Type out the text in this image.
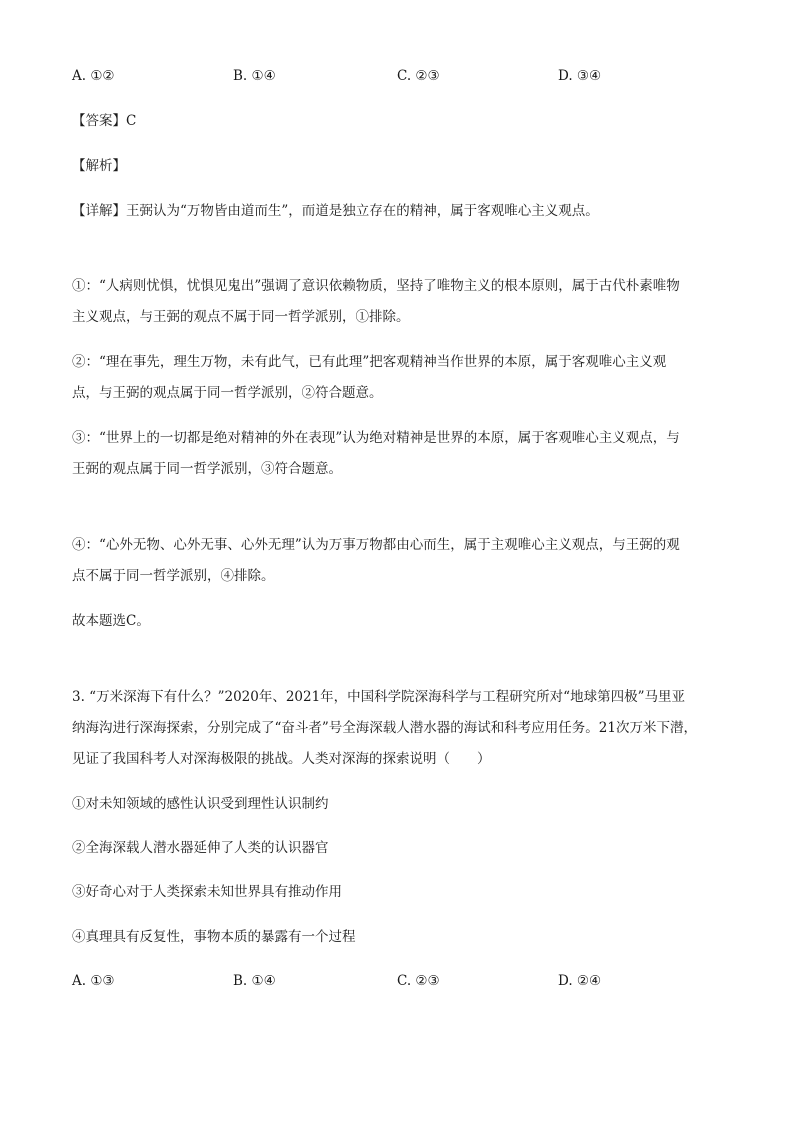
A. ①②	B. ①④	C. ②③	D. ③④
【答案】C
【解析】
【详解】王弼认为“万物皆由道而生”，而道是独立存在的精神，属于客观唯心主义观点。
①：“人病则忧惧，忧惧见鬼出”强调了意识依赖物质，坚持了唯物主义的根本原则，属于古代朴素唯物
主义观点，与王弼的观点不属于同一哲学派别，①排除。
②：“理在事先，理生万物，未有此气，已有此理”把客观精神当作世界的本原，属于客观唯心主义观
点，与王弼的观点属于同一哲学派别，②符合题意。
③：“世界上的一切都是绝对精神的外在表现”认为绝对精神是世界的本原，属于客观唯心主义观点，与
王弼的观点属于同一哲学派别，③符合题意。
④：“心外无物、心外无事、心外无理”认为万事万物都由心而生，属于主观唯心主义观点，与王弼的观
点不属于同一哲学派别，④排除。
故本题选C。
3. “万米深海下有什么？”2020年、2021年，中国科学院深海科学与工程研究所对“地球第四极”马里亚
纳海沟进行深海探索，分别完成了“奋斗者”号全海深载人潜水器的海试和科考应用任务。21次万米下潜，
见证了我国科考人对深海极限的挑战。人类对深海的探索说明（　　）
①对未知领域的感性认识受到理性认识制约
②全海深载人潜水器延伸了人类的认识器官
③好奇心对于人类探索未知世界具有推动作用
④真理具有反复性，事物本质的暴露有一个过程
A. ①③	B. ①④	C. ②③	D. ②④
